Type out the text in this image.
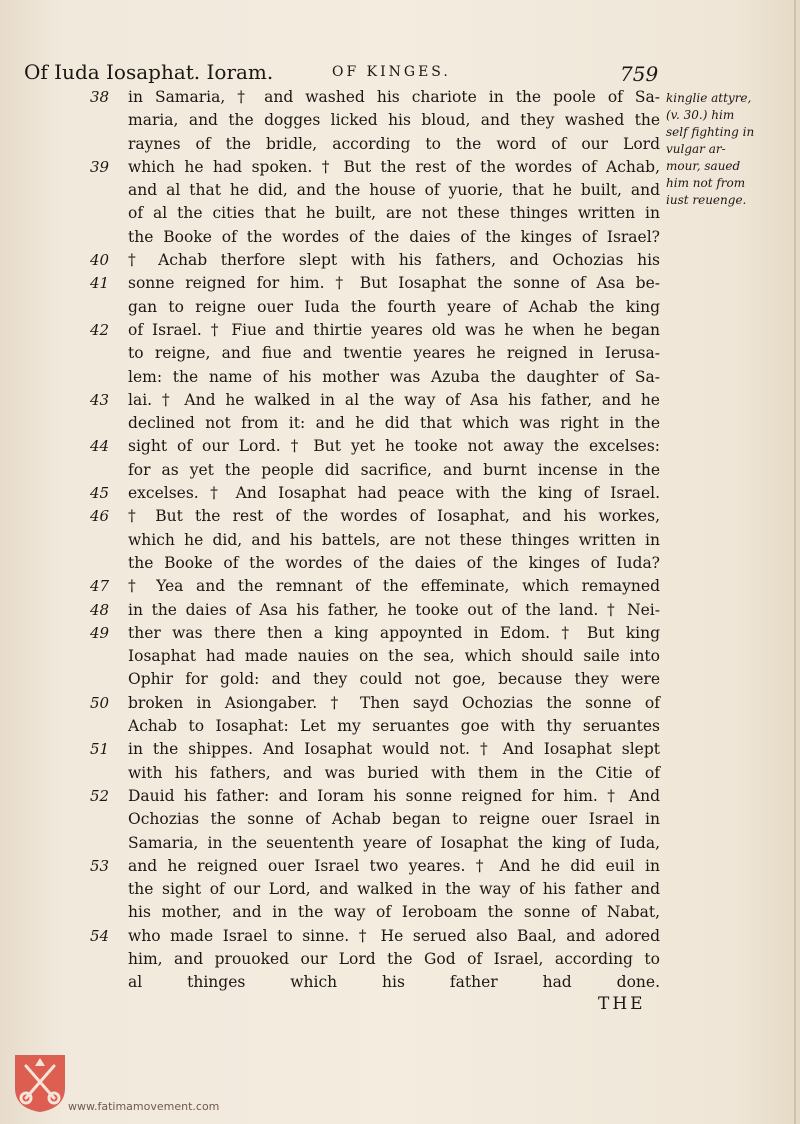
Of Iuda Iosaphat. Ioram.	OF KINGES.	759
38	in Samaria, † and washed his chariote in the poole of Sa-
maria, and the dogges licked his bloud, and they washed the
raynes of the bridle, according to the word of our Lord
39	which he had spoken. † But the rest of the wordes of Achab,
and al that he did, and the house of yuorie, that he built, and
of al the cities that he built, are not these thinges written in
the Booke of the wordes of the daies of the kinges of Israel?
40	† Achab therfore slept with his fathers, and Ochozias his
41	sonne reigned for him. † But Iosaphat the sonne of Asa be-
gan to reigne ouer Iuda the fourth yeare of Achab the king
42	of Israel. † Fiue and thirtie yeares old was he when he began
to reigne, and fiue and twentie yeares he reigned in Ierusa-
lem: the name of his mother was Azuba the daughter of Sa-
43	lai. † And he walked in al the way of Asa his father, and he
declined not from it: and he did that which was right in the
44	sight of our Lord. † But yet he tooke not away the excelses:
for as yet the people did sacrifice, and burnt incense in the
45	excelses. † And Iosaphat had peace with the king of Israel.
46	† But the rest of the wordes of Iosaphat, and his workes,
which he did, and his battels, are not these thinges written in
the Booke of the wordes of the daies of the kinges of Iuda?
47	† Yea and the remnant of the effeminate, which remayned
48	in the daies of Asa his father, he tooke out of the land. † Nei-
49	ther was there then a king appoynted in Edom. † But king
Iosaphat had made nauies on the sea, which should saile into
Ophir for gold: and they could not goe, because they were
50	broken in Asiongaber. † Then sayd Ochozias the sonne of
Achab to Iosaphat: Let my seruantes goe with thy seruantes
51	in the shippes. And Iosaphat would not. † And Iosaphat slept
with his fathers, and was buried with them in the Citie of
52	Dauid his father: and Ioram his sonne reigned for him. † And
Ochozias the sonne of Achab began to reigne ouer Israel in
Samaria, in the seuententh yeare of Iosaphat the king of Iuda,
53	and he reigned ouer Israel two yeares. † And he did euil in
the sight of our Lord, and walked in the way of his father and
his mother, and in the way of Ieroboam the sonne of Nabat,
54	who made Israel to sinne. † He serued also Baal, and adored
him, and prouoked our Lord the God of Israel, according to
al thinges which his father had done.
kinglie attyre,
(v. 30.) him
self fighting in
vulgar ar-
mour, saued
him not from
iust reuenge.
THE
www.fatimamovement.com
